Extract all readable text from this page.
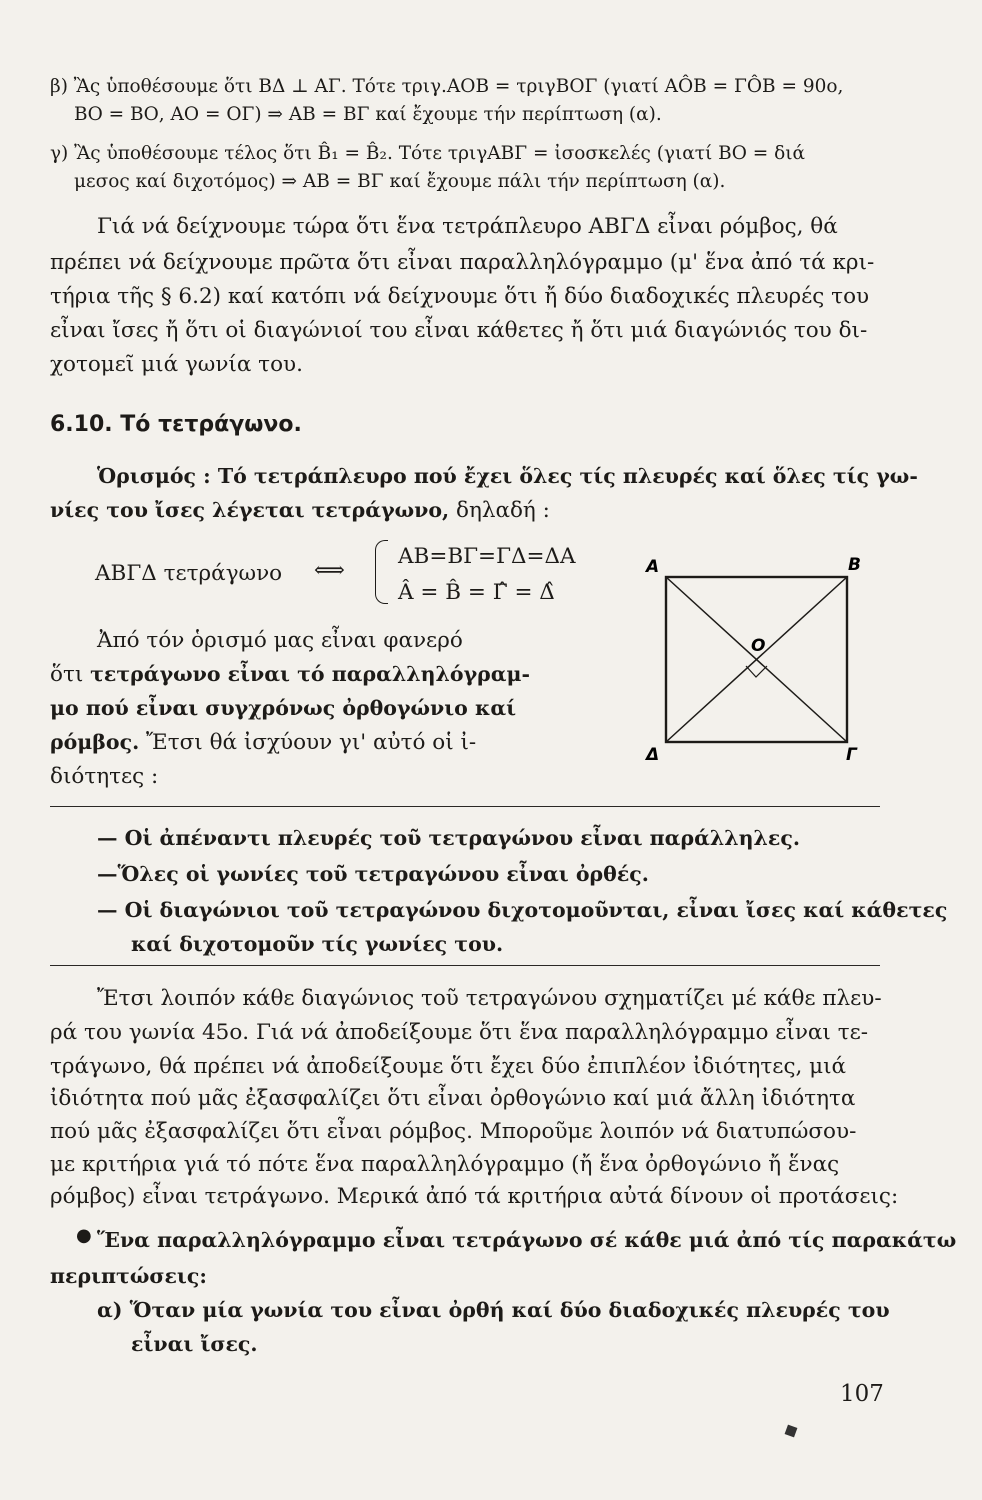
β) Ἂς ὑποθέσουμε ὅτι ΒΔ ⊥ ΑΓ. Τότε τριγ.ΑΟΒ = τριγΒΟΓ (γιατί ΑÔΒ = ΓÔΒ = 90ο,
ΒΟ = ΒΟ, ΑΟ = ΟΓ) ⇒ ΑΒ = ΒΓ καί ἔχουμε τήν περίπτωση (α).
γ) Ἂς ὑποθέσουμε τέλος ὅτι B̂₁ = B̂₂. Τότε τριγΑΒΓ = ἰσοσκελές (γιατί ΒΟ = διά
μεσος καί διχοτόμος) ⇒ ΑΒ = ΒΓ καί ἔχουμε πάλι τήν περίπτωση (α).
Γιά νά δείχνουμε τώρα ὅτι ἕνα τετράπλευρο ΑΒΓΔ εἶναι ρόμβος, θά
πρέπει νά δείχνουμε πρῶτα ὅτι εἶναι παραλληλόγραμμο (μ' ἕνα ἀπό τά κρι-
τήρια τῆς § 6.2) καί κατόπι νά δείχνουμε ὅτι ἤ δύο διαδοχικές πλευρές του
εἶναι ἴσες ἤ ὅτι οἱ διαγώνιοί του εἶναι κάθετες ἤ ὅτι μιά διαγώνιός του δι-
χοτομεῖ μιά γωνία του.
6.10. Τό τετράγωνο.
Ὁρισμός : Τό τετράπλευρο πού ἔχει ὅλες τίς πλευρές καί ὅλες τίς γω-
νίες του ἴσες λέγεται τετράγωνο, δηλαδή :
ΑΒΓΔ τετράγωνο ⟺
ΑΒ=ΒΓ=ΓΔ=ΔΑ
Â = B̂ = Γ̂ = Δ̂
Α	Β
Ο
Γ
Δ
Ἀπό τόν ὁρισμό μας εἶναι φανερό
ὅτι τετράγωνο εἶναι τό παραλληλόγραμ-
μο πού εἶναι συγχρόνως ὀρθογώνιο καί
ρόμβος. Ἔτσι θά ἰσχύουν γι' αὐτό οἱ ἰ-
διότητες :
— Οἱ ἀπέναντι πλευρές τοῦ τετραγώνου εἶναι παράλληλες.
—Ὅλες οἱ γωνίες τοῦ τετραγώνου εἶναι ὀρθές.
— Οἱ διαγώνιοι τοῦ τετραγώνου διχοτομοῦνται, εἶναι ἴσες καί κάθετες
καί διχοτομοῦν τίς γωνίες του.
Ἔτσι λοιπόν κάθε διαγώνιος τοῦ τετραγώνου σχηματίζει μέ κάθε πλευ-
ρά του γωνία 45ο. Γιά νά ἀποδείξουμε ὅτι ἕνα παραλληλόγραμμο εἶναι τε-
τράγωνο, θά πρέπει νά ἀποδείξουμε ὅτι ἔχει δύο ἐπιπλέον ἰδιότητες, μιά
ἰδιότητα πού μᾶς ἐξασφαλίζει ὅτι εἶναι ὀρθογώνιο καί μιά ἄλλη ἰδιότητα
πού μᾶς ἐξασφαλίζει ὅτι εἶναι ρόμβος. Μποροῦμε λοιπόν νά διατυπώσου-
με κριτήρια γιά τό πότε ἕνα παραλληλόγραμμο (ἤ ἕνα ὀρθογώνιο ἤ ἕνας
ρόμβος) εἶναι τετράγωνο. Μερικά ἀπό τά κριτήρια αὐτά δίνουν οἱ προτάσεις:
● Ἕνα παραλληλόγραμμο εἶναι τετράγωνο σέ κάθε μιά ἀπό τίς παρακάτω
περιπτώσεις:
α) Ὅταν μία γωνία του εἶναι ὀρθή καί δύο διαδοχικές πλευρές του
εἶναι ἴσες.
107
